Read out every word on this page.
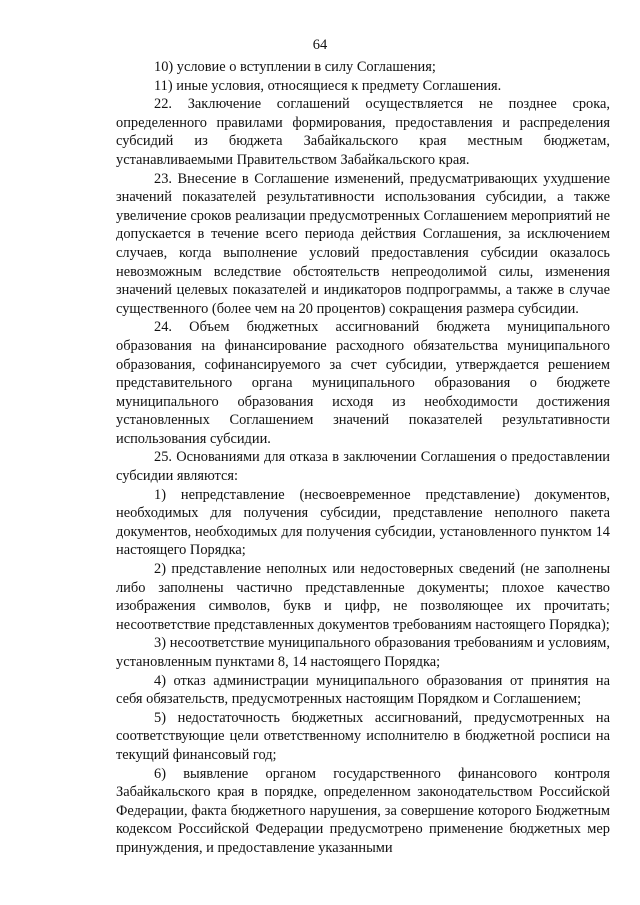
64

10) условие о вступлении в силу Соглашения;

11) иные условия, относящиеся к предмету Соглашения.

22. Заключение соглашений осуществляется не позднее срока, определенного правилами формирования, предоставления и распределения субсидий из бюджета Забайкальского края местным бюджетам, устанавливаемыми Правительством Забайкальского края.

23. Внесение в Соглашение изменений, предусматривающих ухудшение значений показателей результативности использования субсидии, а также увеличение сроков реализации предусмотренных Соглашением мероприятий не допускается в течение всего периода действия Соглашения, за исключением случаев, когда выполнение условий предоставления субсидии оказалось невозможным вследствие обстоятельств непреодолимой силы, изменения значений целевых показателей и индикаторов подпрограммы, а также в случае существенного (более чем на 20 процентов) сокращения размера субсидии.

24. Объем бюджетных ассигнований бюджета муниципального образования на финансирование расходного обязательства муниципального образования, софинансируемого за счет субсидии, утверждается решением представительного органа муниципального образования о бюджете муниципального образования исходя из необходимости достижения установленных Соглашением значений показателей результативности использования субсидии.

25. Основаниями для отказа в заключении Соглашения о предоставлении субсидии являются:

1) непредставление (несвоевременное представление) документов, необходимых для получения субсидии, представление неполного пакета документов, необходимых для получения субсидии, установленного пунктом 14 настоящего Порядка;

2) представление неполных или недостоверных сведений (не заполнены либо заполнены частично представленные документы; плохое качество изображения символов, букв и цифр, не позволяющее их прочитать; несоответствие представленных документов требованиям настоящего Порядка);

3) несоответствие муниципального образования требованиям и условиям, установленным пунктами 8, 14 настоящего Порядка;

4) отказ администрации муниципального образования от принятия на себя обязательств, предусмотренных настоящим Порядком и Соглашением;

5) недостаточность бюджетных ассигнований, предусмотренных на соответствующие цели ответственному исполнителю в бюджетной росписи на текущий финансовый год;

6) выявление органом государственного финансового контроля Забайкальского края в порядке, определенном законодательством Российской Федерации, факта бюджетного нарушения, за совершение которого Бюджетным кодексом Российской Федерации предусмотрено применение бюджетных мер принуждения, и предоставление указанными
